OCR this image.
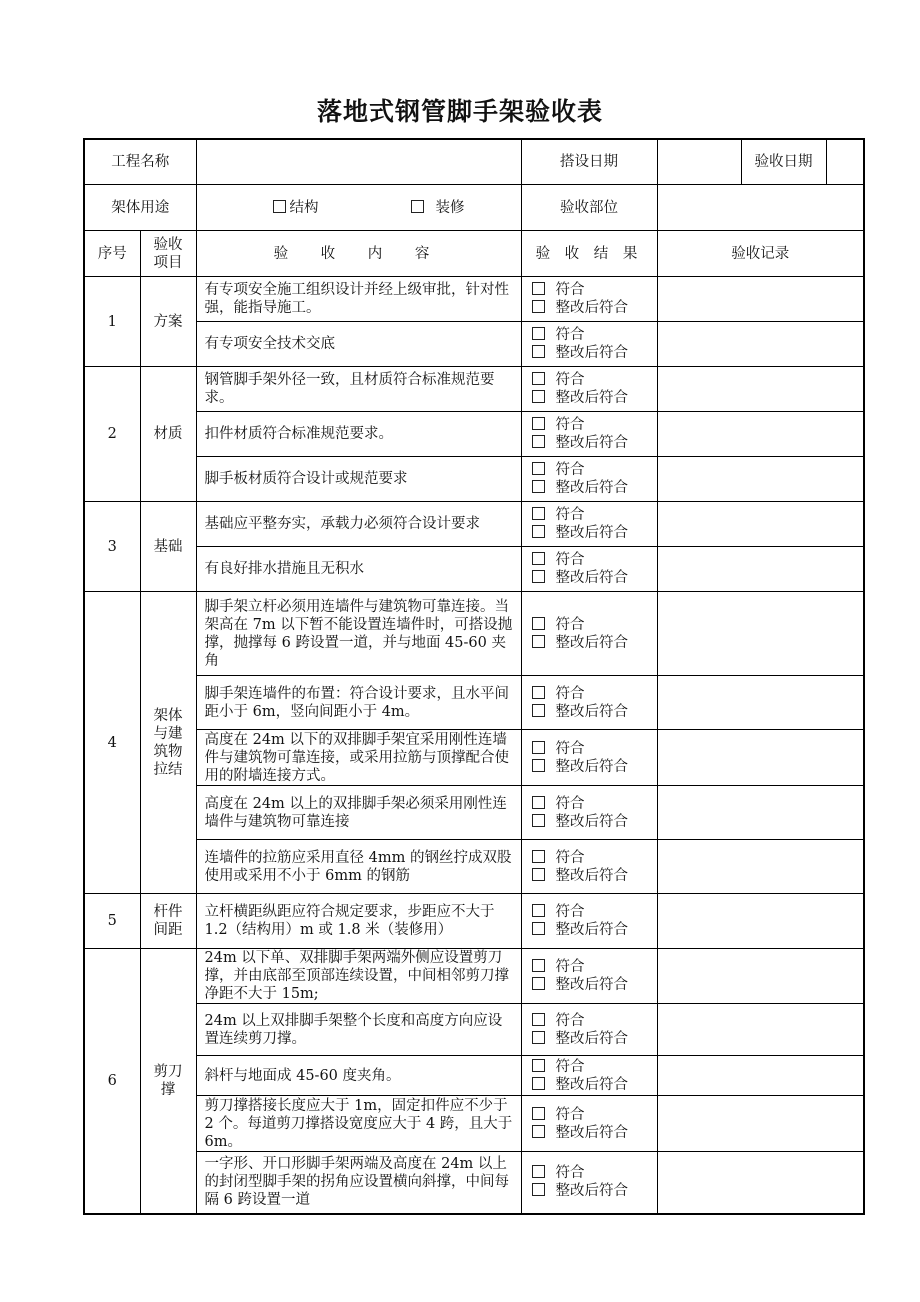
落地式钢管脚手架验收表
工程名称			搭设日期		验收日期

架体用途		结构 装修	验收部位		
序号	验收项目	验 收 内 容	验 收 结 果	验收记录	
1	方案	有专项安全施工组织设计并经上级审批，针对性强，能指导施工。	符合
整改后符合		

		有专项安全技术交底	符合
整改后符合		

2	材质	钢管脚手架外径一致，且材质符合标准规范要求。	符合
整改后符合		

		扣件材质符合标准规范要求。	符合
整改后符合		

		脚手板材质符合设计或规范要求	符合
整改后符合		

3	基础	基础应平整夯实，承载力必须符合设计要求	符合
整改后符合		

		有良好排水措施且无积水	符合
整改后符合		

4	架体与建筑物拉结	脚手架立杆必须用连墙件与建筑物可靠连接。当架高在 7m 以下暂不能设置连墙件时，可搭设抛撑，抛撑每 6 跨设置一道，并与地面 45-60 夹角	符合
整改后符合		

		脚手架连墙件的布置：符合设计要求，且水平间距小于 6m，竖向间距小于 4m。	符合
整改后符合		

		高度在 24m 以下的双排脚手架宜采用刚性连墙件与建筑物可靠连接，或采用拉筋与顶撑配合使用的附墙连接方式。	符合
整改后符合		

		高度在 24m 以上的双排脚手架必须采用刚性连墙件与建筑物可靠连接	符合
整改后符合		

		连墙件的拉筋应采用直径 4mm 的钢丝拧成双股使用或采用不小于 6mm 的钢筋	符合
整改后符合		

5	杆件间距	立杆横距纵距应符合规定要求，步距应不大于 1.2（结构用）m 或 1.8 米（装修用）	符合
整改后符合		

6	剪刀撑	24m 以下单、双排脚手架两端外侧应设置剪刀撑，并由底部至顶部连续设置，中间相邻剪刀撑净距不大于 15m;	符合
整改后符合		

		24m 以上双排脚手架整个长度和高度方向应设置连续剪刀撑。	符合
整改后符合		

		斜杆与地面成 45-60 度夹角。	符合
整改后符合		

		剪刀撑搭接长度应大于 1m，固定扣件应不少于 2 个。每道剪刀撑搭设宽度应大于 4 跨，且大于 6m。	符合
整改后符合		

		一字形、开口形脚手架两端及高度在 24m 以上的封闭型脚手架的拐角应设置横向斜撑，中间每隔 6 跨设置一道	符合
整改后符合		
